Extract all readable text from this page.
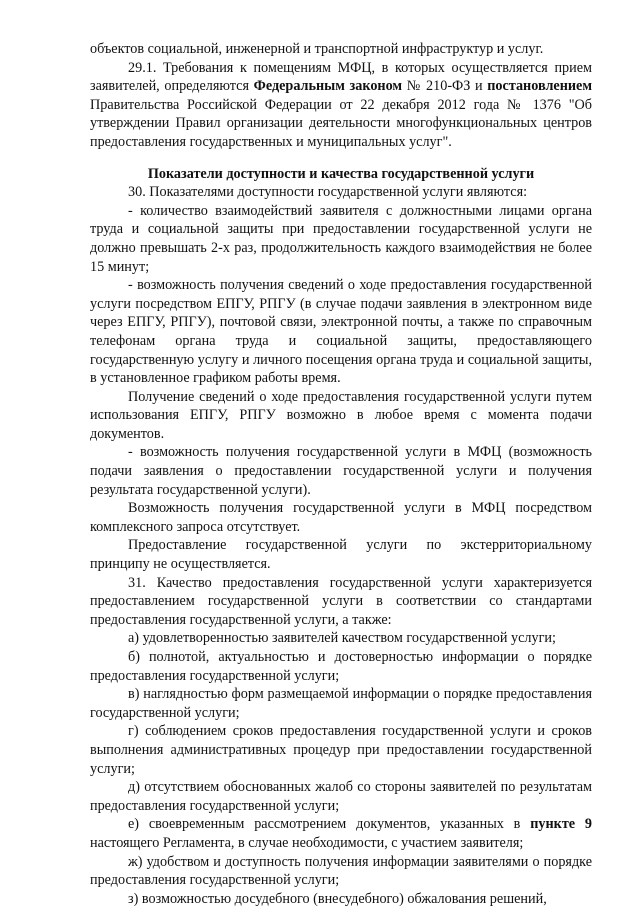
объектов социальной, инженерной и транспортной инфраструктур и услуг.

29.1. Требования к помещениям МФЦ, в которых осуществляется прием заявителей, определяются Федеральным законом № 210-ФЗ и постановлением Правительства Российской Федерации от 22 декабря 2012 года № 1376 "Об утверждении Правил организации деятельности многофункциональных центров предоставления государственных и муниципальных услуг".

Показатели доступности и качества государственной услуги

30. Показателями доступности государственной услуги являются:

- количество взаимодействий заявителя с должностными лицами органа труда и социальной защиты при предоставлении государственной услуги не должно превышать 2-х раз, продолжительность каждого взаимодействия не более 15 минут;

- возможность получения сведений о ходе предоставления государственной услуги посредством ЕПГУ, РПГУ (в случае подачи заявления в электронном виде через ЕПГУ, РПГУ), почтовой связи, электронной почты, а также по справочным телефонам органа труда и социальной защиты, предоставляющего государственную услугу и личного посещения органа труда и социальной защиты, в установленное графиком работы время.

Получение сведений о ходе предоставления государственной услуги путем использования ЕПГУ, РПГУ возможно в любое время с момента подачи документов.

- возможность получения государственной услуги в МФЦ (возможность подачи заявления о предоставлении государственной услуги и получения результата государственной услуги).

Возможность получения государственной услуги в МФЦ посредством комплексного запроса отсутствует.

Предоставление государственной услуги по экстерриториальному принципу не осуществляется.

31. Качество предоставления государственной услуги характеризуется предоставлением государственной услуги в соответствии со стандартами предоставления государственной услуги, а также:

а) удовлетворенностью заявителей качеством государственной услуги;

б) полнотой, актуальностью и достоверностью информации о порядке предоставления государственной услуги;

в) наглядностью форм размещаемой информации о порядке предоставления государственной услуги;

г) соблюдением сроков предоставления государственной услуги и сроков выполнения административных процедур при предоставлении государственной услуги;

д) отсутствием обоснованных жалоб со стороны заявителей по результатам предоставления государственной услуги;

е) своевременным рассмотрением документов, указанных в пункте 9 настоящего Регламента, в случае необходимости, с участием заявителя;

ж) удобством и доступность получения информации заявителями о порядке предоставления государственной услуги;

з) возможностью досудебного (внесудебного) обжалования решений,
